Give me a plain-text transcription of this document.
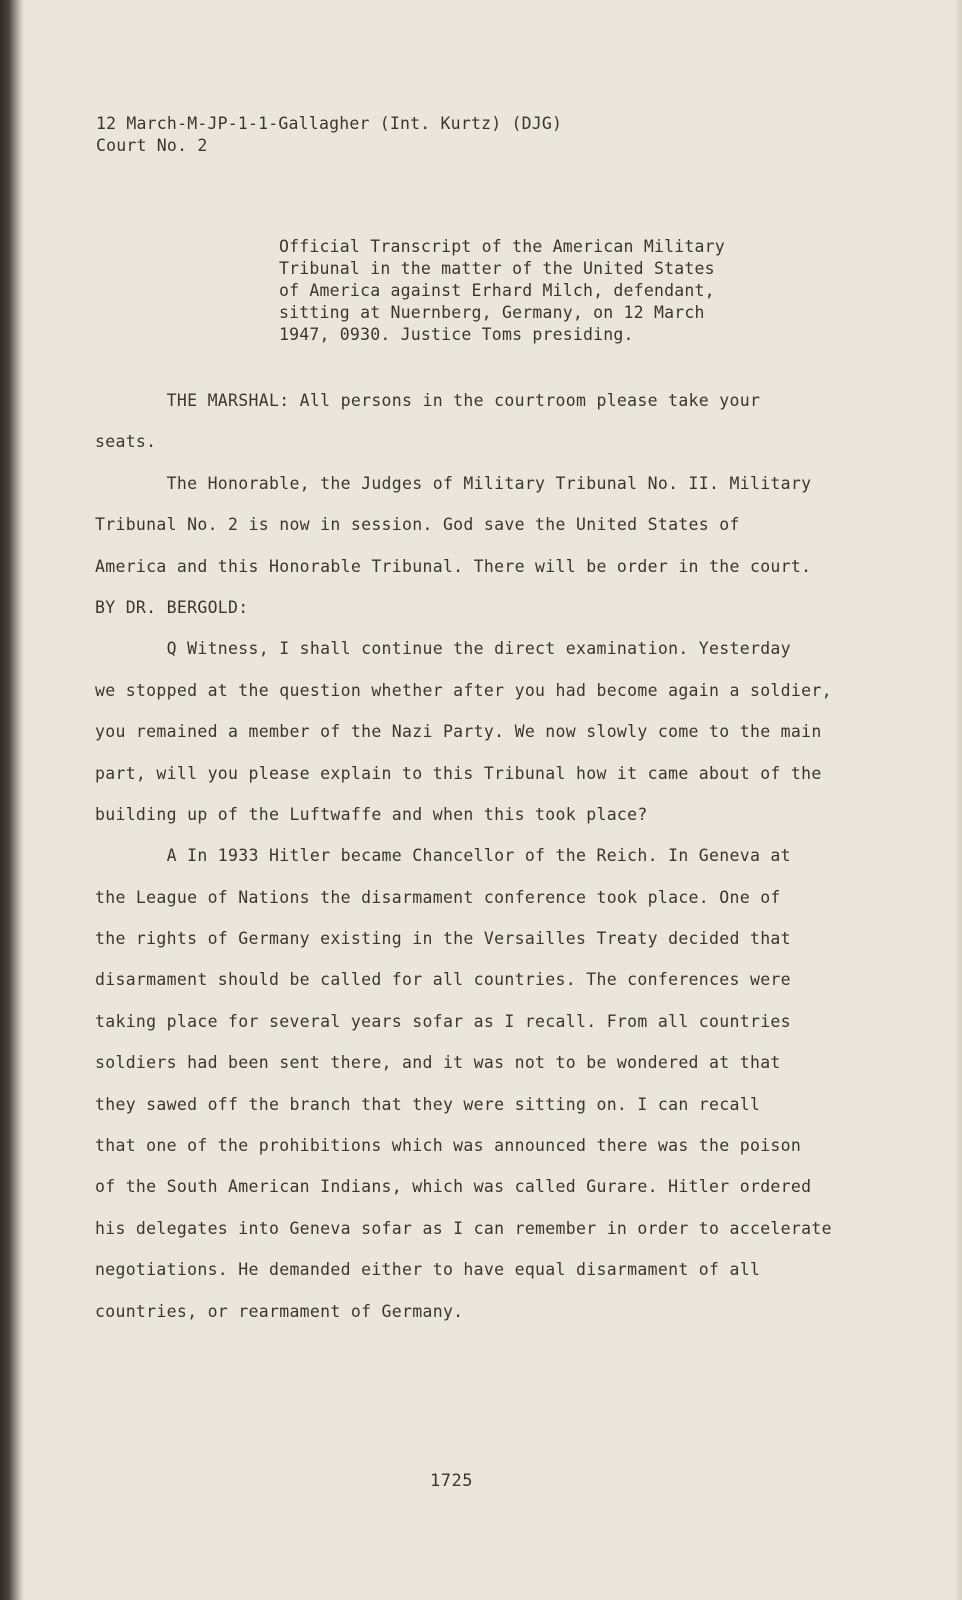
12 March-M-JP-1-1-Gallagher (Int. Kurtz) (DJG)
Court No. 2
Official Transcript of the American Military
Tribunal in the matter of the United States
of America against Erhard Milch, defendant,
sitting at Nuernberg, Germany, on 12 March
1947, 0930. Justice Toms presiding.
THE MARSHAL: All persons in the courtroom please take your
seats.
The Honorable, the Judges of Military Tribunal No. II. Military
Tribunal No. 2 is now in session. God save the United States of
America and this Honorable Tribunal. There will be order in the court.
BY DR. BERGOLD:
Q Witness, I shall continue the direct examination. Yesterday
we stopped at the question whether after you had become again a soldier,
you remained a member of the Nazi Party. We now slowly come to the main
part, will you please explain to this Tribunal how it came about of the
building up of the Luftwaffe and when this took place?
A In 1933 Hitler became Chancellor of the Reich. In Geneva at
the League of Nations the disarmament conference took place. One of
the rights of Germany existing in the Versailles Treaty decided that
disarmament should be called for all countries. The conferences were
taking place for several years sofar as I recall. From all countries
soldiers had been sent there, and it was not to be wondered at that
they sawed off the branch that they were sitting on. I can recall
that one of the prohibitions which was announced there was the poison
of the South American Indians, which was called Gurare. Hitler ordered
his delegates into Geneva sofar as I can remember in order to accelerate
negotiations. He demanded either to have equal disarmament of all
countries, or rearmament of Germany.
1725
